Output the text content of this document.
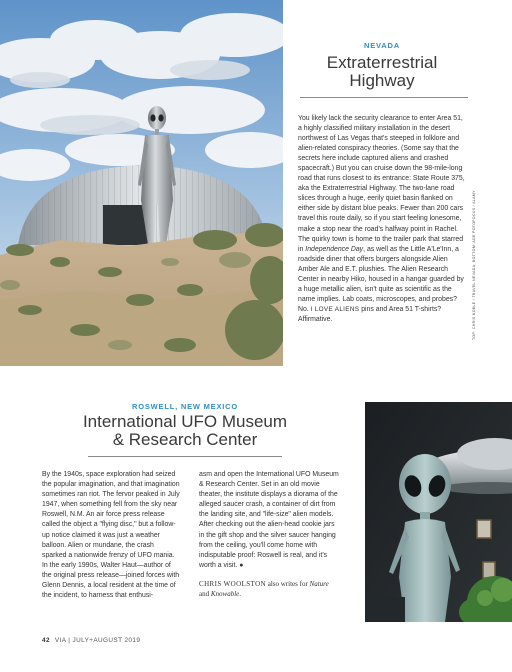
NEVADA
Extraterrestrial
Highway
You likely lack the security clearance to enter Area 51, a highly classified military installation in the desert northwest of Las Vegas that's steeped in folklore and alien-related conspiracy theories. (Some say that the secrets here include captured aliens and crashed spacecraft.) But you can cruise down the 98-mile-long road that runs closest to its entrance: State Route 375, aka the Extraterrestrial Highway. The two-lane road slices through a huge, eerily quiet basin flanked on either side by distant blue peaks. Fewer than 200 cars travel this route daily, so if you start feeling lonesome, make a stop near the road's halfway point in Rachel. The quirky town is home to the trailer park that starred in Independence Day, as well as the Little A'Le'Inn, a roadside diner that offers burgers alongside Alien Amber Ale and E.T. plushies. The Alien Research Center in nearby Hiko, housed in a hangar guarded by a huge metallic alien, isn't quite as scientific as the name implies. Lab coats, microscopes, and probes? No. I LOVE ALIENS pins and Area 51 T-shirts? Affirmative.	TOP: CHRIS NOBLE / TRAVEL NEVADA; BOTTOM: ADE POTOFOCUS / ALAMY
ROSWELL, NEW MEXICO
International UFO Museum
& Research Center
By the 1940s, space exploration had seized the popular imagination, and that imagination sometimes ran riot. The fervor peaked in July 1947, when something fell from the sky near Roswell, N.M. An air force press release called the object a "flying disc," but a follow-up notice claimed it was just a weather balloon. Alien or mundane, the crash sparked a nationwide frenzy of UFO mania. In the early 1990s, Walter Haut—author of the original press release—joined forces with Glenn Dennis, a local resident at the time of the incident, to harness that enthusi-
asm and open the International UFO Museum & Research Center. Set in an old movie theater, the institute displays a diorama of the alleged saucer crash, a container of dirt from the landing site, and "life-size" alien models. After checking out the alien-head cookie jars in the gift shop and the silver saucer hanging from the ceiling, you'll come home with indisputable proof: Roswell is real, and it's worth a visit. ●
CHRIS WOOLSTON also writes for Nature and Knowable.
42 VIA | JULY+AUGUST 2019
